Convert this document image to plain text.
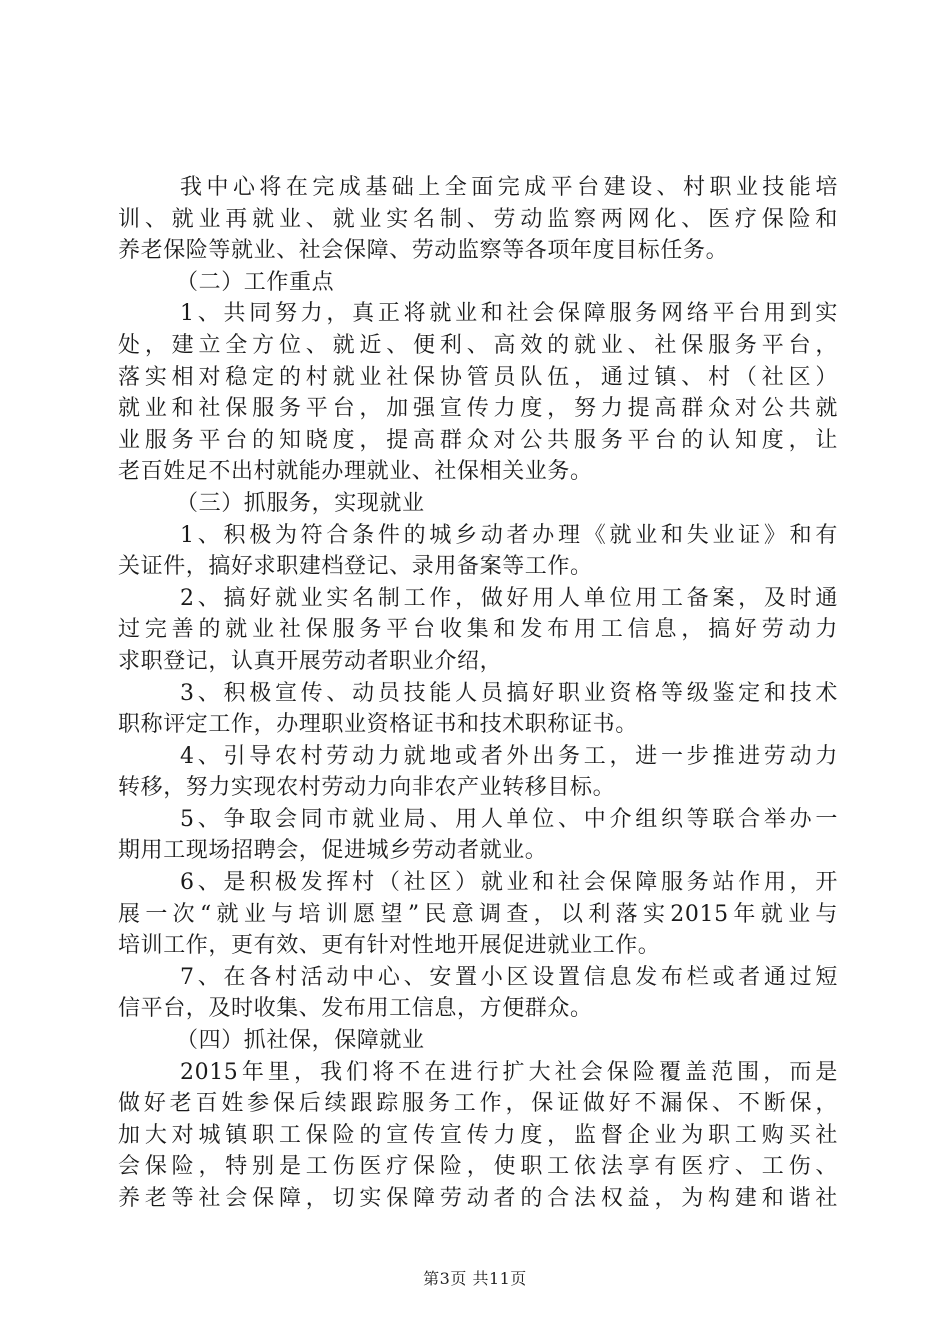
我中心将在完成基础上全面完成平台建设、村职业技能培
训、就业再就业、就业实名制、劳动监察两网化、医疗保险和
养老保险等就业、社会保障、劳动监察等各项年度目标任务。
（二）工作重点
1、共同努力，真正将就业和社会保障服务网络平台用到实
处，建立全方位、就近、便利、高效的就业、社保服务平台，
落实相对稳定的村就业社保协管员队伍，通过镇、村（社区）
就业和社保服务平台，加强宣传力度，努力提高群众对公共就
业服务平台的知晓度，提高群众对公共服务平台的认知度，让
老百姓足不出村就能办理就业、社保相关业务。
（三）抓服务，实现就业
1、积极为符合条件的城乡动者办理《就业和失业证》和有
关证件，搞好求职建档登记、录用备案等工作。
2、搞好就业实名制工作，做好用人单位用工备案，及时通
过完善的就业社保服务平台收集和发布用工信息，搞好劳动力
求职登记，认真开展劳动者职业介绍，
3、积极宣传、动员技能人员搞好职业资格等级鉴定和技术
职称评定工作，办理职业资格证书和技术职称证书。
4、引导农村劳动力就地或者外出务工，进一步推进劳动力
转移，努力实现农村劳动力向非农产业转移目标。
5、争取会同市就业局、用人单位、中介组织等联合举办一
期用工现场招聘会，促进城乡劳动者就业。
6、是积极发挥村（社区）就业和社会保障服务站作用，开
展一次“就业与培训愿望”民意调查，以利落实2015年就业与
培训工作，更有效、更有针对性地开展促进就业工作。
7、在各村活动中心、安置小区设置信息发布栏或者通过短
信平台，及时收集、发布用工信息，方便群众。
（四）抓社保，保障就业
2015年里，我们将不在进行扩大社会保险覆盖范围，而是
做好老百姓参保后续跟踪服务工作，保证做好不漏保、不断保，
加大对城镇职工保险的宣传宣传力度，监督企业为职工购买社
会保险，特别是工伤医疗保险，使职工依法享有医疗、工伤、
养老等社会保障，切实保障劳动者的合法权益，为构建和谐社
第3页 共11页
